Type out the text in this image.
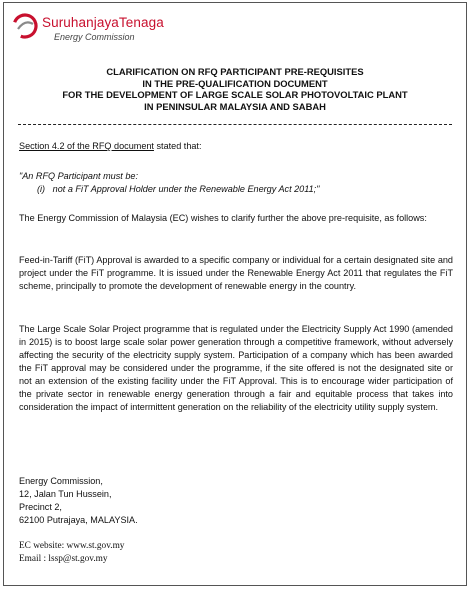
SuruhanjayaTenaga
Energy Commission
CLARIFICATION ON RFQ PARTICIPANT PRE-REQUISITES
IN THE PRE-QUALIFICATION DOCUMENT
FOR THE DEVELOPMENT OF LARGE SCALE SOLAR PHOTOVOLTAIC PLANT
IN PENINSULAR MALAYSIA AND SABAH
Section 4.2 of the RFQ document stated that:
"An RFQ Participant must be:
(i) not a FiT Approval Holder under the Renewable Energy Act 2011;"
The Energy Commission of Malaysia (EC) wishes to clarify further the above pre-requisite, as follows:
Feed-in-Tariff (FiT) Approval is awarded to a specific company or individual for a certain designated site and project under the FiT programme. It is issued under the Renewable Energy Act 2011 that regulates the FiT scheme, principally to promote the development of renewable energy in the country.
The Large Scale Solar Project programme that is regulated under the Electricity Supply Act 1990 (amended in 2015) is to boost large scale solar power generation through a competitive framework, without adversely affecting the security of the electricity supply system. Participation of a company which has been awarded the FiT approval may be considered under the programme, if the site offered is not the designated site or not an extension of the existing facility under the FiT Approval. This is to encourage wider participation of the private sector in renewable energy generation through a fair and equitable process that takes into consideration the impact of intermittent generation on the reliability of the electricity utility supply system.
Energy Commission,
12, Jalan Tun Hussein,
Precinct 2,
62100 Putrajaya, MALAYSIA.
EC website: www.st.gov.my
Email : lssp@st.gov.my
